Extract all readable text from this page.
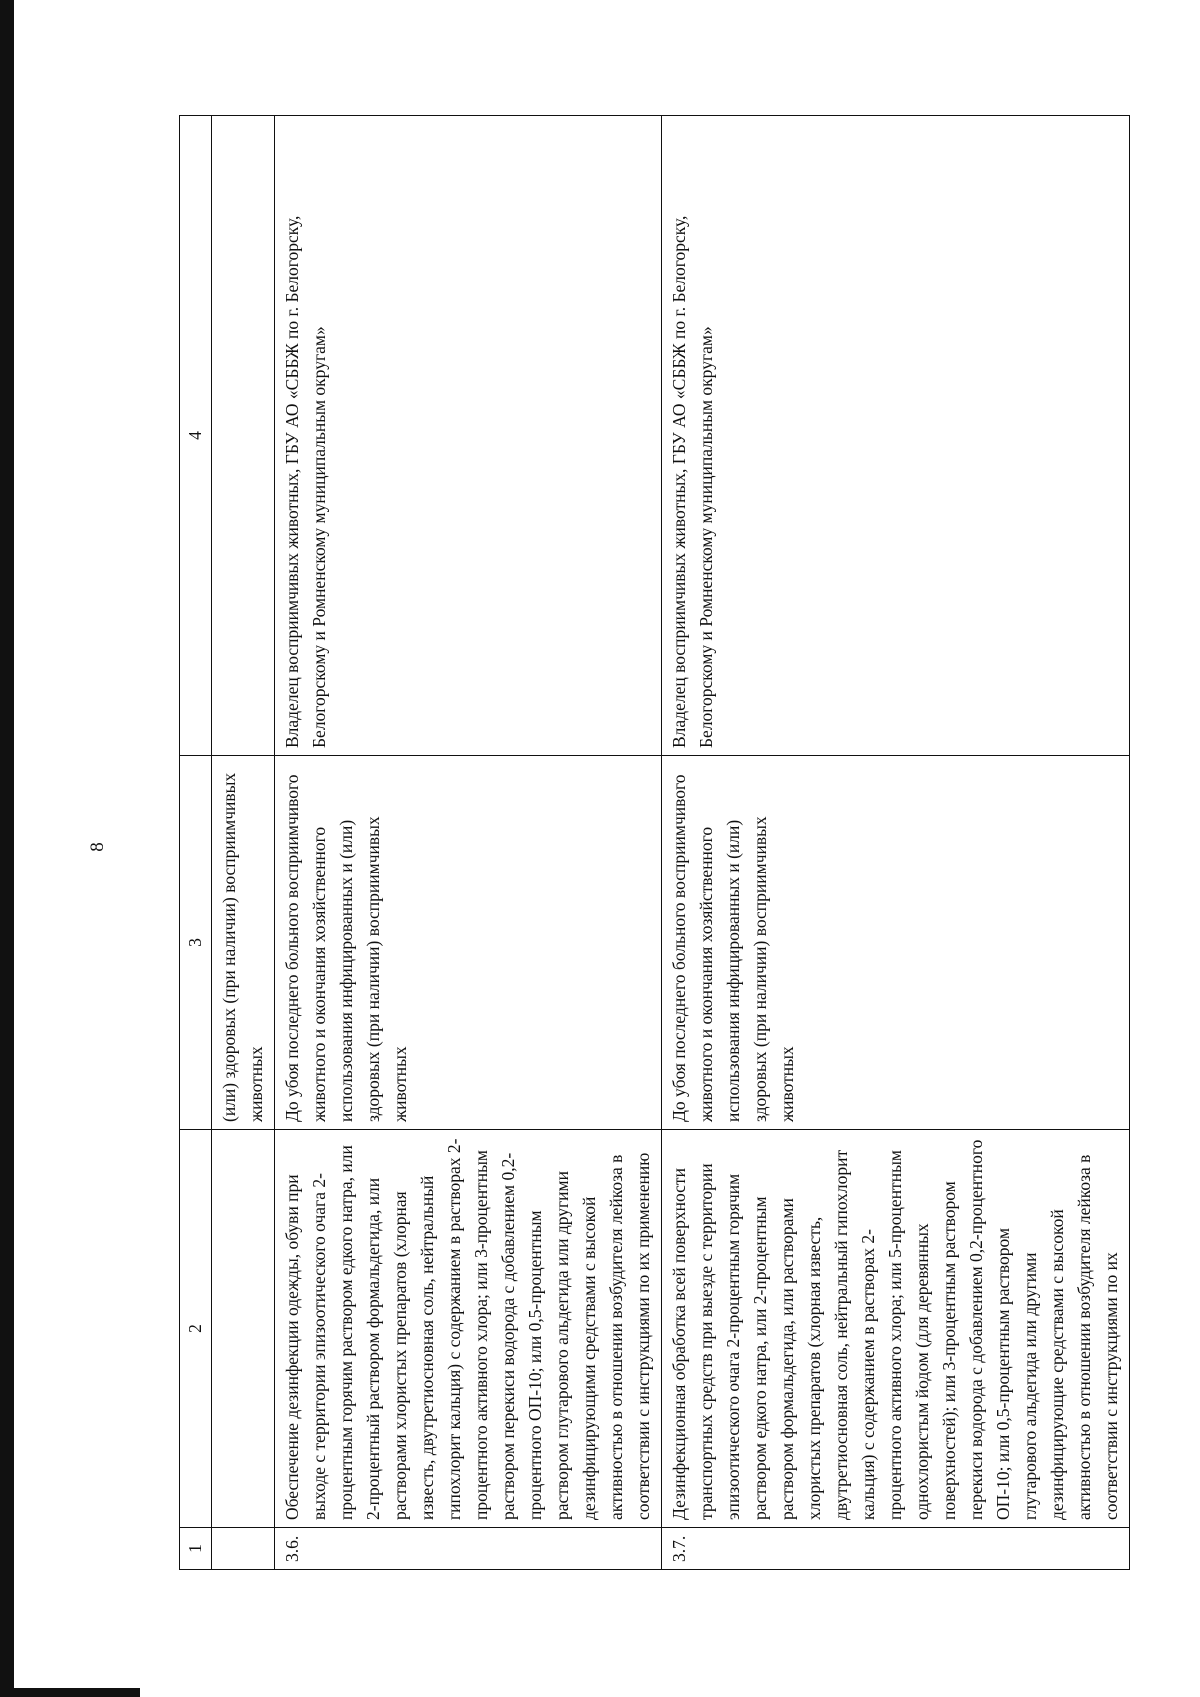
8
1	2	3	4
		(или) здоровых (при наличии) восприимчивых животных	
3.6.	Обеспечение дезинфекции одежды, обуви при выходе с территории эпизоотического очага 2-процентным горячим раствором едкого натра, или 2-процентный раствором формальдегида, или растворами хлористых препаратов (хлорная известь, двутретиосновная соль, нейтральный гипохлорит кальция) с содержанием в растворах 2-процентного активного хлора; или 3-процентным раствором перекиси водорода с добавлением 0,2-процентного ОП-10; или 0,5-процентным раствором глутарового альдегида или другими дезинфицирующими средствами с высокой активностью в отношении возбудителя лейкоза в соответствии с инструкциями по их применению	До убоя последнего больного восприимчивого животного и окончания хозяйственного использования инфицированных и (или) здоровых (при наличии) восприимчивых животных	Владелец восприимчивых животных, ГБУ АО «СББЖ по г. Белогорску, Белогорскому и Ромненскому муниципальным округам»
3.7.	Дезинфекционная обработка всей поверхности транспортных средств при выезде с территории эпизоотического очага 2-процентным горячим раствором едкого натра, или 2-процентным раствором формальдегида, или растворами хлористых препаратов (хлорная известь, двутретиосновная соль, нейтральный гипохлорит кальция) с содержанием в растворах 2-процентного активного хлора; или 5-процентным однохлористым йодом (для деревянных поверхностей); или 3-процентным раствором перекиси водорода с добавлением 0,2-процентного ОП-10; или 0,5-процентным раствором глутарового альдегида или другими дезинфицирующие средствами с высокой активностью в отношении возбудителя лейкоза в соответствии с инструкциями по их	До убоя последнего больного восприимчивого животного и окончания хозяйственного использования инфицированных и (или) здоровых (при наличии) восприимчивых животных	Владелец восприимчивых животных, ГБУ АО «СББЖ по г. Белогорску, Белогорскому и Ромненскому муниципальным округам»
